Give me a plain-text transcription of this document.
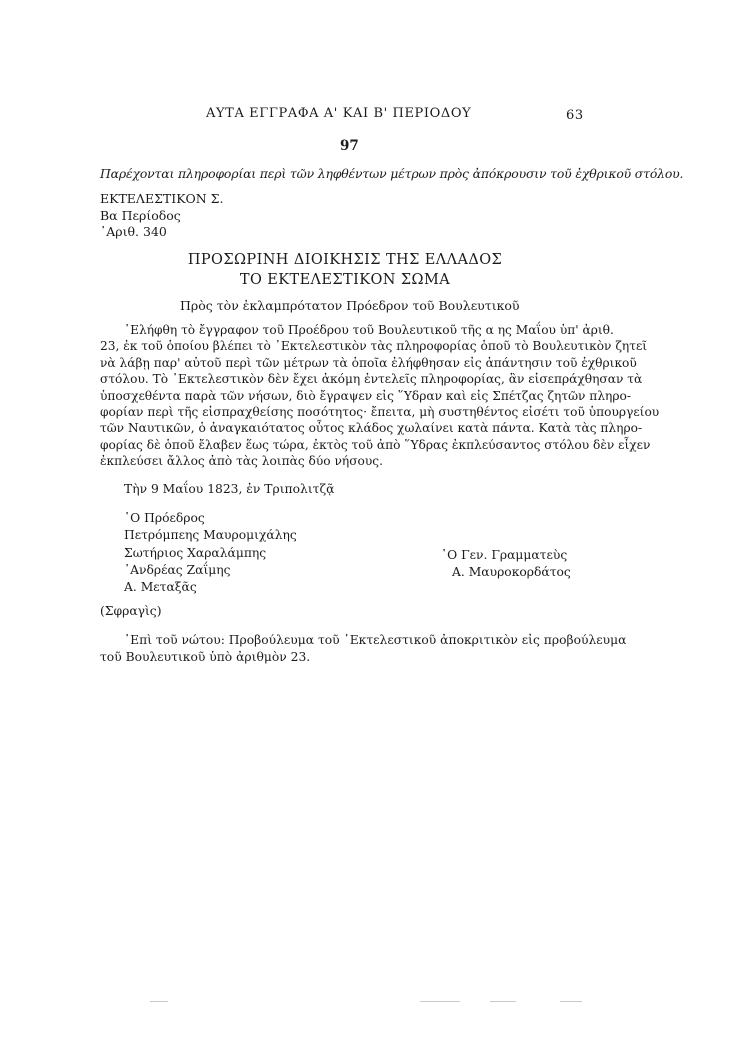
ΑΥΤΑ ΕΓΓΡΑΦΑ Α' ΚΑΙ Β' ΠΕΡΙΟΔΟΥ	63
97
Παρέχονται πληροφορίαι περὶ τῶν ληφθέντων μέτρων πρὸς ἀπόκρουσιν τοῦ ἐχθρικοῦ στόλου.
ΕΚΤΕΛΕΣΤΙΚΟΝ Σ.
Βα Περίοδος
᾿Αριθ. 340
ΠΡΟΣΩΡΙΝΗ ΔΙΟΙΚΗΣΙΣ ΤΗΣ ΕΛΛΑΔΟΣ
ΤΟ ΕΚΤΕΛΕΣΤΙΚΟΝ ΣΩΜΑ
Πρὸς τὸν ἐκλαμπρότατον Πρόεδρον τοῦ Βουλευτικοῦ
᾿Ελήφθη τὸ ἔγγραφον τοῦ Προέδρου τοῦ Βουλευτικοῦ τῆς α ης Μαΐου ὑπ' ἀριθ.
23, ἐκ τοῦ ὁποίου βλέπει τὸ ᾿Εκτελεστικὸν τὰς πληροφορίας ὁποῦ τὸ Βουλευτικὸν ζητεῖ
νὰ λάβῃ παρ' αὐτοῦ περὶ τῶν μέτρων τὰ ὁποῖα ἐλήφθησαν εἰς ἀπάντησιν τοῦ ἐχθρικοῦ
στόλου. Τὸ ᾿Εκτελεστικὸν δὲν ἔχει ἀκόμη ἐντελεῖς πληροφορίας, ἂν εἰσεπράχθησαν τὰ
ὑποσχεθέντα παρὰ τῶν νήσων, διὸ ἔγραψεν εἰς ῞Υδραν καὶ εἰς Σπέτζας ζητῶν πληρο-
φορίαν περὶ τῆς εἰσπραχθείσης ποσότητος· ἔπειτα, μὴ συστηθέντος εἰσέτι τοῦ ὑπουργείου
τῶν Ναυτικῶν, ὁ ἀναγκαιότατος οὗτος κλάδος χωλαίνει κατὰ πάντα. Κατὰ τὰς πληρο-
φορίας δὲ ὁποῦ ἔλαβεν ἕως τώρα, ἐκτὸς τοῦ ἀπὸ ῞Υδρας ἐκπλεύσαντος στόλου δὲν εἶχεν
ἐκπλεύσει ἄλλος ἀπὸ τὰς λοιπὰς δύο νήσους.
Τὴν 9 Μαΐου 1823, ἐν Τριπολιτζᾷ
῾Ο Πρόεδρος
Πετρόμπεης Μαυρομιχάλης
Σωτήριος Χαραλάμπης
᾿Ανδρέας Ζαΐμης
Α. Μεταξᾶς
῾Ο Γεν. Γραμματεὺς
Α. Μαυροκορδάτος
(Σφραγὶς)
᾿Επὶ τοῦ νώτου: Προβούλευμα τοῦ ᾿Εκτελεστικοῦ ἀποκριτικὸν εἰς προβούλευμα
τοῦ Βουλευτικοῦ ὑπὸ ἀριθμὸν 23.
